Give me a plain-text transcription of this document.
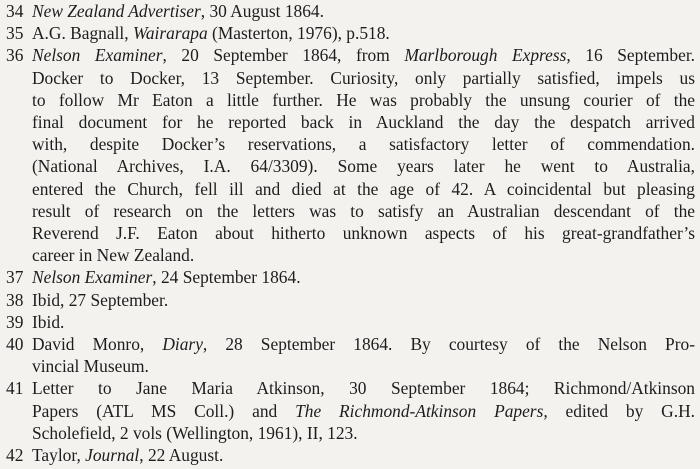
34 New Zealand Advertiser, 30 August 1864.
35 A.G. Bagnall, Wairarapa (Masterton, 1976), p.518.
36 Nelson Examiner, 20 September 1864, from Marlborough Express, 16 September.
Docker to Docker, 13 September. Curiosity, only partially satisfied, impels us
to follow Mr Eaton a little further. He was probably the unsung courier of the
final document for he reported back in Auckland the day the despatch arrived
with, despite Docker’s reservations, a satisfactory letter of commendation.
(National Archives, I.A. 64/3309). Some years later he went to Australia,
entered the Church, fell ill and died at the age of 42. A coincidental but pleasing
result of research on the letters was to satisfy an Australian descendant of the
Reverend J.F. Eaton about hitherto unknown aspects of his great-grandfather’s
career in New Zealand.
37 Nelson Examiner, 24 September 1864.
38 Ibid, 27 September.
39 Ibid.
40 David Monro, Diary, 28 September 1864. By courtesy of the Nelson Pro-
vincial Museum.
41 Letter to Jane Maria Atkinson, 30 September 1864; Richmond/Atkinson
Papers (ATL MS Coll.) and The Richmond-Atkinson Papers, edited by G.H.
Scholefield, 2 vols (Wellington, 1961), II, 123.
42 Taylor, Journal, 22 August.
